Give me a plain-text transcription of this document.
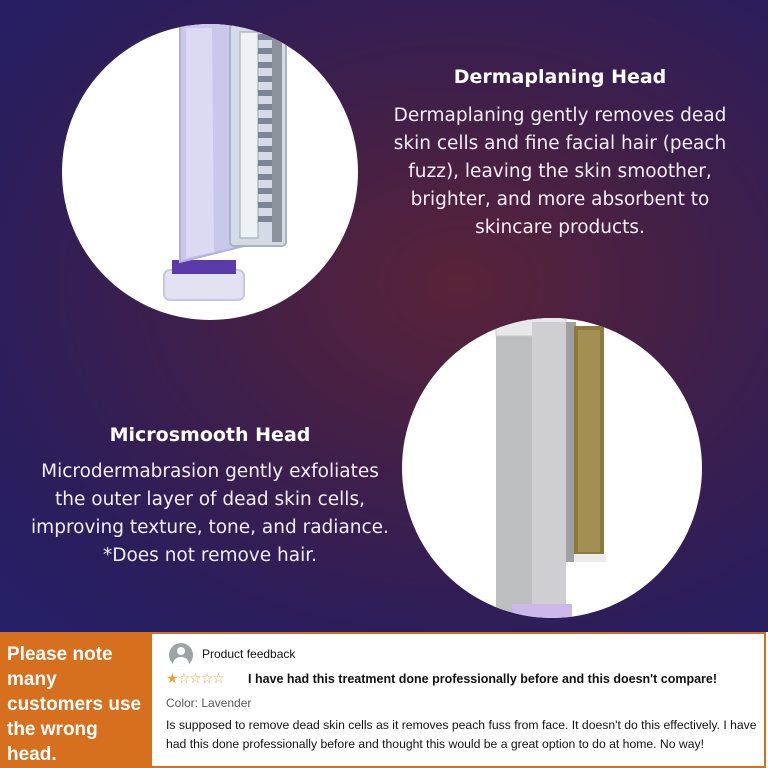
Dermaplaning Head
Dermaplaning gently removes dead skin cells and fine facial hair (peach fuzz), leaving the skin smoother, brighter, and more absorbent to skincare products.
Microsmooth Head
Microdermabrasion gently exfoliates the outer layer of dead skin cells, improving texture, tone, and radiance. *Does not remove hair.
Please note many customers use the wrong head.
Product feedback
★☆☆☆☆ I have had this treatment done professionally before and this doesn't compare!
Color: Lavender
Is supposed to remove dead skin cells as it removes peach fuss from face. It doesn't do this effectively. I have had this done professionally before and thought this would be a great option to do at home. No way!
